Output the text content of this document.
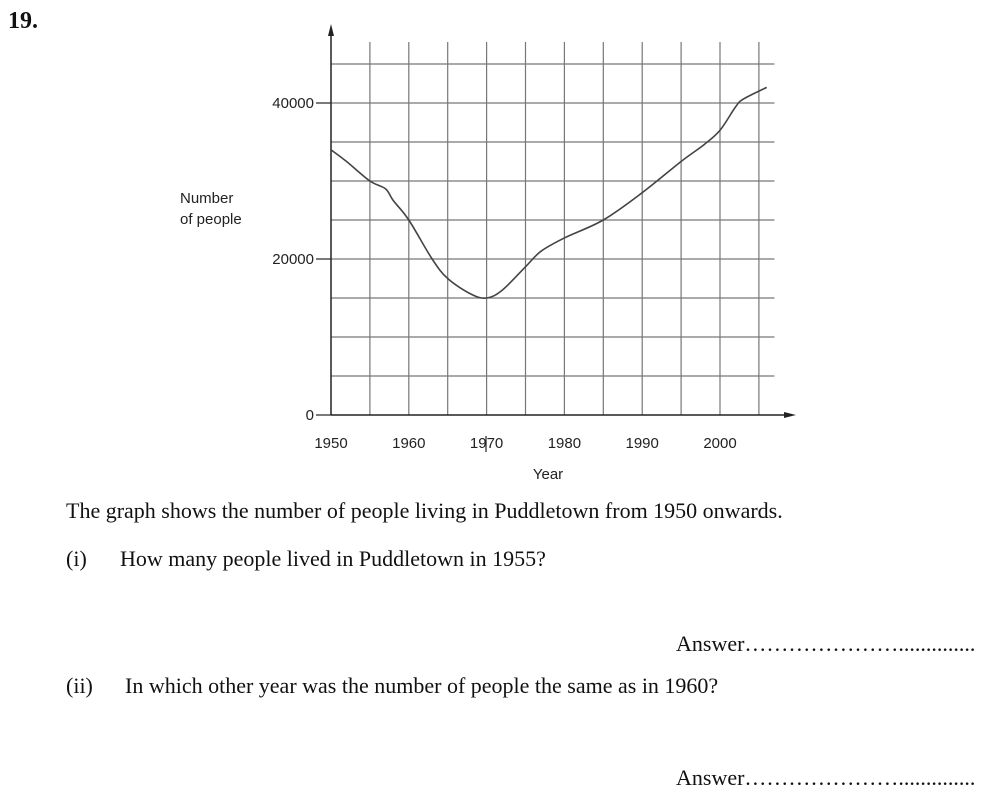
19.
0
20000
40000
1950	1960	1970	1980	1990	2000
Year
Number
of people
The graph shows the number of people living in Puddletown from 1950 onwards.
(i) How many people lived in Puddletown in 1955?
Answer…………………..............
(ii) In which other year was the number of people the same as in 1960?
Answer…………………..............
